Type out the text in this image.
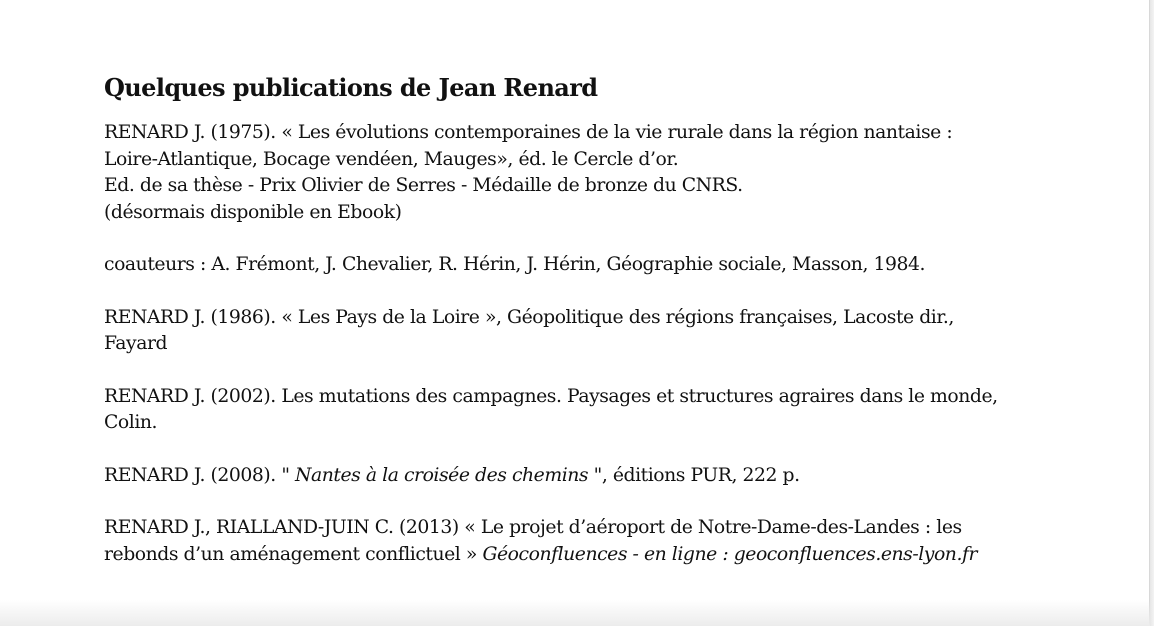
Quelques publications de Jean Renard
RENARD J. (1975). « Les évolutions contemporaines de la vie rurale dans la région nantaise :
Loire-Atlantique, Bocage vendéen, Mauges», éd. le Cercle d’or.
Ed. de sa thèse - Prix Olivier de Serres - Médaille de bronze du CNRS.
(désormais disponible en Ebook)
coauteurs : A. Frémont, J. Chevalier, R. Hérin, J. Hérin, Géographie sociale, Masson, 1984.
RENARD J. (1986). « Les Pays de la Loire », Géopolitique des régions françaises, Lacoste dir.,
Fayard
RENARD J. (2002). Les mutations des campagnes. Paysages et structures agraires dans le monde,
Colin.
RENARD J. (2008). " Nantes à la croisée des chemins ", éditions PUR, 222 p.
RENARD J., RIALLAND-JUIN C. (2013) « Le projet d’aéroport de Notre-Dame-des-Landes : les
rebonds d’un aménagement conflictuel » Géoconfluences - en ligne : geoconfluences.ens-lyon.fr
